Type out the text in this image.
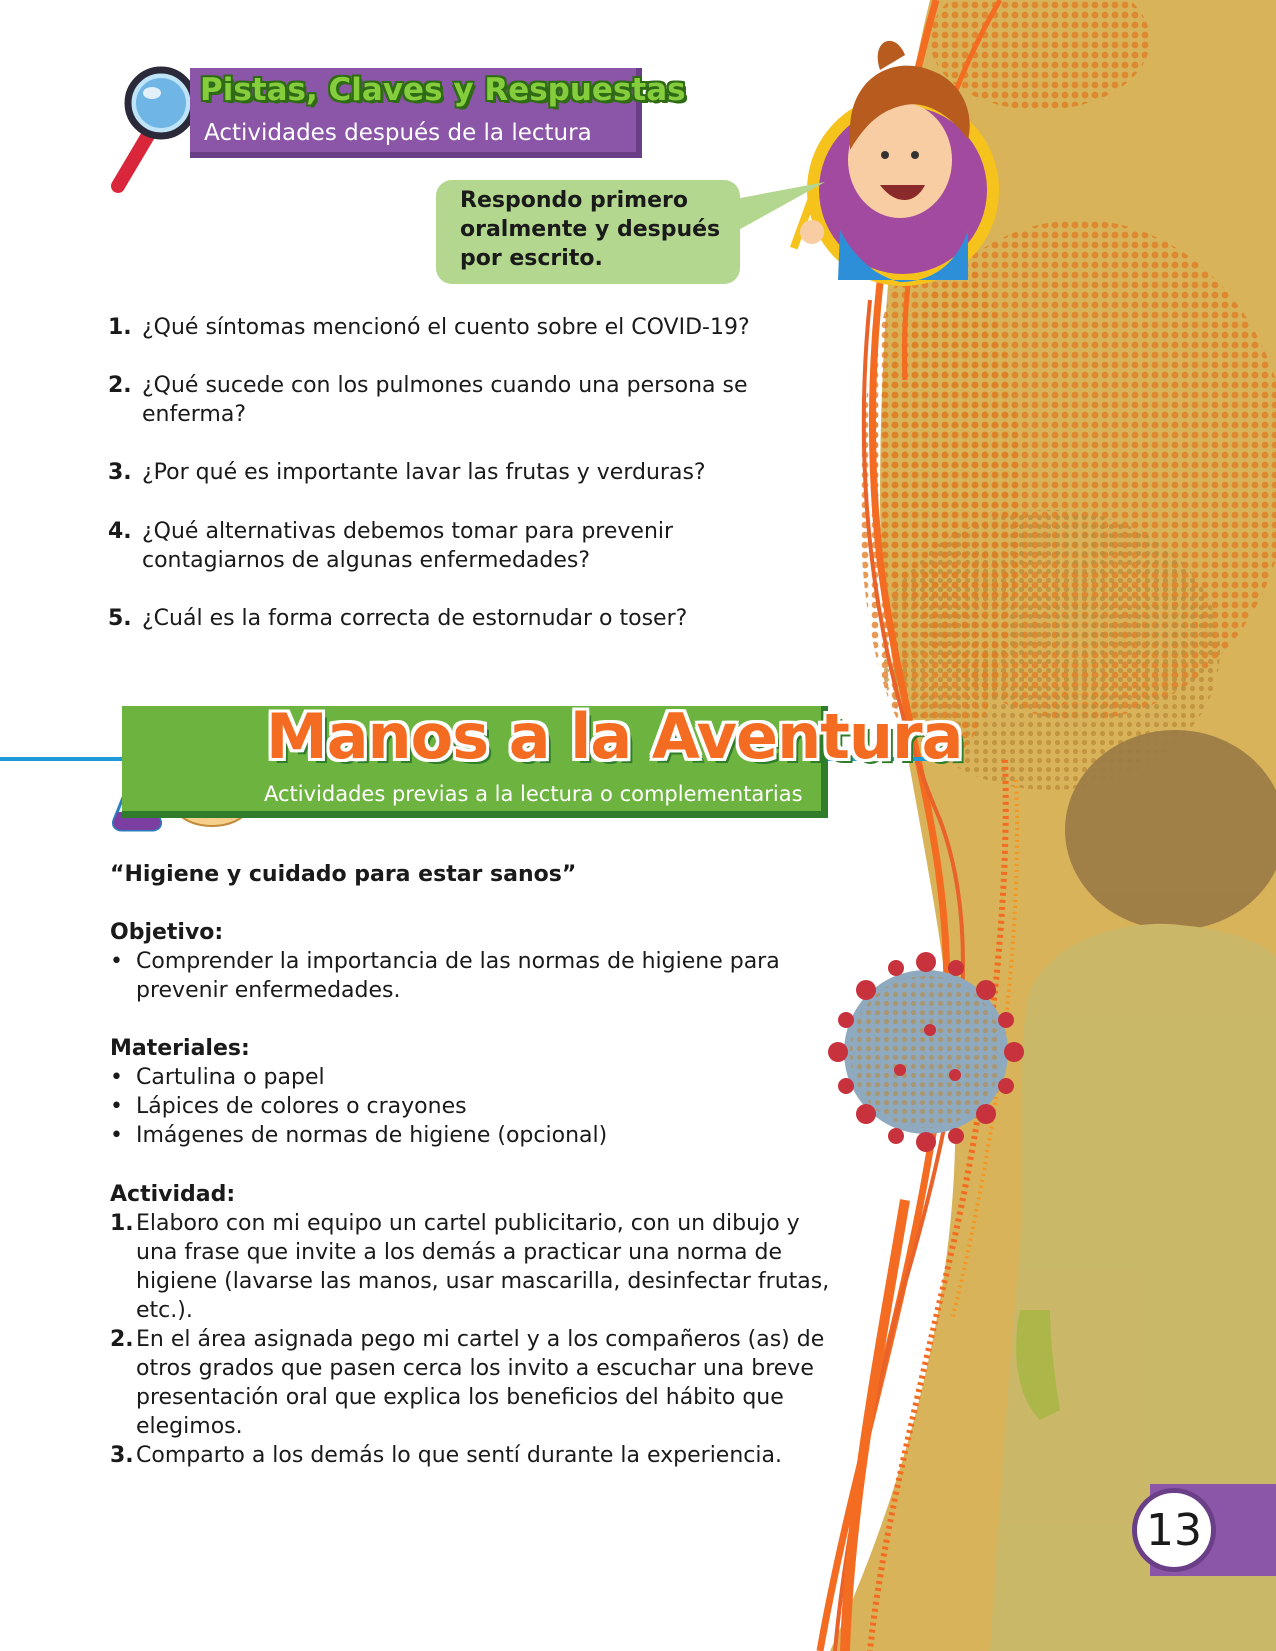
Pistas, Claves y Respuestas
Actividades después de la lectura
Respondo primero
oralmente y después
por escrito.
1. ¿Qué síntomas mencionó el cuento sobre el COVID-19?
2. ¿Qué sucede con los pulmones cuando una persona se enferma?
3. ¿Por qué es importante lavar las frutas y verduras?
4. ¿Qué alternativas debemos tomar para prevenir contagiarnos de algunas enfermedades?
5. ¿Cuál es la forma correcta de estornudar o toser?
Manos a la Aventura
Actividades previas a la lectura o complementarias
“Higiene y cuidado para estar sanos”
Objetivo:
• Comprender la importancia de las normas de higiene para prevenir enfermedades.
Materiales:
• Cartulina o papel
• Lápices de colores o crayones
• Imágenes de normas de higiene (opcional)
Actividad:
1. Elaboro con mi equipo un cartel publicitario, con un dibujo y una frase que invite a los demás a practicar una norma de higiene (lavarse las manos, usar mascarilla, desinfectar frutas, etc.).
2. En el área asignada pego mi cartel y a los compañeros (as) de otros grados que pasen cerca los invito a escuchar una breve presentación oral que explica los beneficios del hábito que elegimos.
3. Comparto a los demás lo que sentí durante la experiencia.
13
